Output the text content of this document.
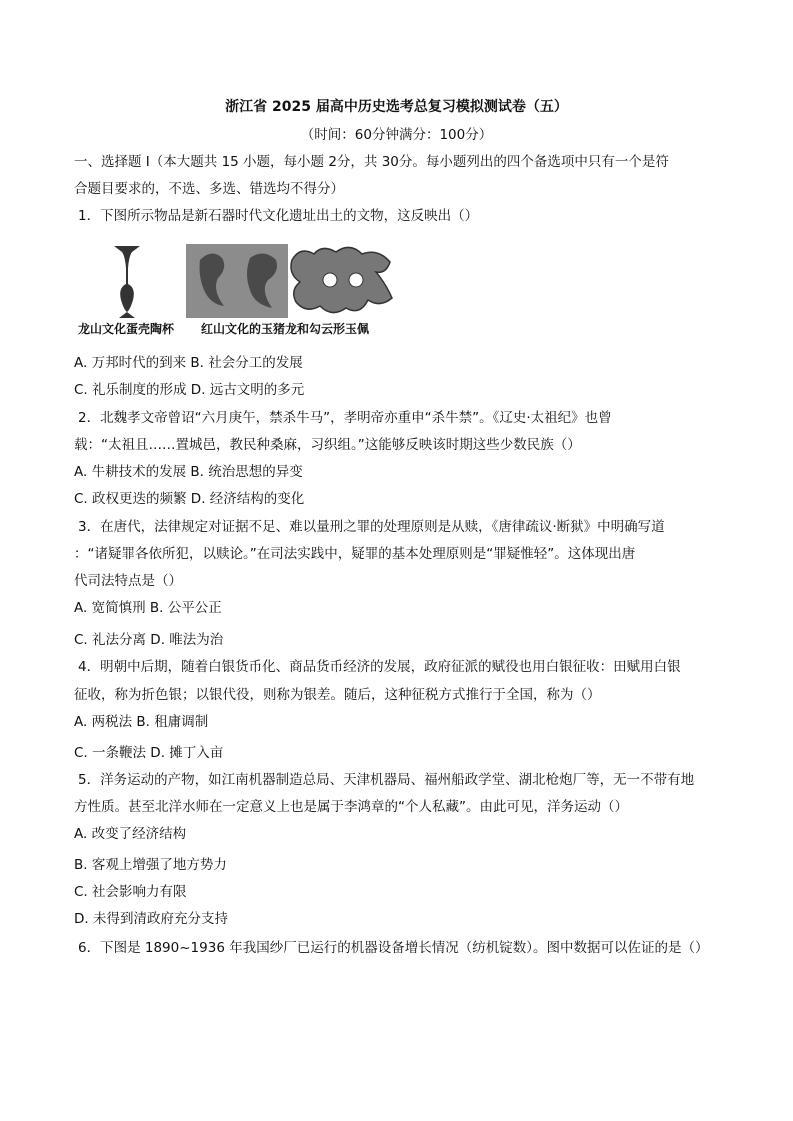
浙江省 2025 届高中历史选考总复习模拟测试卷（五）
（时间：60分钟满分：100分）
一、选择题 I（本大题共 15 小题，每小题 2分，共 30分。每小题列出的四个备选项中只有一个是符
合题目要求的，不选、多选、错选均不得分）
1．下图所示物品是新石器时代文化遗址出土的文物，这反映出（）
龙山文化蛋壳陶杯 红山文化的玉猪龙和勾云形玉佩
A. 万邦时代的到来 B. 社会分工的发展
C. 礼乐制度的形成 D. 远古文明的多元
2．北魏孝文帝曾诏“六月庚午，禁杀牛马”，孝明帝亦重申“杀牛禁”。《辽史·太祖纪》也曾
载：“太祖且……置城邑，教民种桑麻，习织组。”这能够反映该时期这些少数民族（）
A. 牛耕技术的发展 B. 统治思想的异变
C. 政权更迭的频繁 D. 经济结构的变化
3．在唐代，法律规定对证据不足、难以量刑之罪的处理原则是从赎，《唐律疏议·断狱》中明确写道
：“诸疑罪各依所犯，以赎论。”在司法实践中，疑罪的基本处理原则是“罪疑惟轻”。这体现出唐
代司法特点是（）
A. 宽简慎刑 B. 公平公正
C. 礼法分离 D. 唯法为治
4．明朝中后期，随着白银货币化、商品货币经济的发展，政府征派的赋役也用白银征收：田赋用白银
征收，称为折色银；以银代役，则称为银差。随后，这种征税方式推行于全国，称为（）
A. 两税法 B. 租庸调制
C. 一条鞭法 D. 摊丁入亩
5．洋务运动的产物，如江南机器制造总局、天津机器局、福州船政学堂、湖北枪炮厂等，无一不带有地
方性质。甚至北洋水师在一定意义上也是属于李鸿章的“个人私藏”。由此可见，洋务运动（）
A. 改变了经济结构
B. 客观上增强了地方势力
C. 社会影响力有限
D. 未得到清政府充分支持
6．下图是 1890~1936 年我国纱厂已运行的机器设备增长情况（纺机锭数）。图中数据可以佐证的是（）
